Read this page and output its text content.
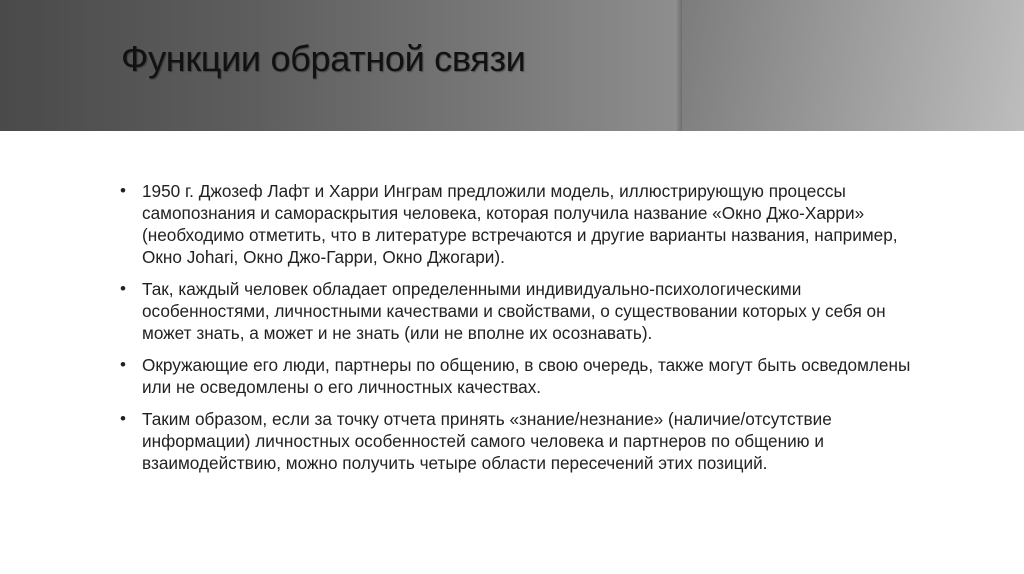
Функции обратной связи
• 1950 г. Джозеф Лафт и Харри Инграм предложили модель, иллюстрирующую процессы самопознания и самораскрытия человека, которая получила название «Окно Джо-Харри» (необходимо отметить, что в литературе встречаются и другие варианты названия, например, Окно Johari, Окно Джо-Гарри, Окно Джогари).
• Так, каждый человек обладает определенными индивидуально-психологическими особенностями, личностными качествами и свойствами, о существовании которых у себя он может знать, а может и не знать (или не вполне их осознавать).
• Окружающие его люди, партнеры по общению, в свою очередь, также могут быть осведомлены или не осведомлены о его личностных качествах.
• Таким образом, если за точку отчета принять «знание/незнание» (наличие/отсутствие информации) личностных особенностей самого человека и партнеров по общению и взаимодействию, можно получить четыре области пересечений этих позиций.
